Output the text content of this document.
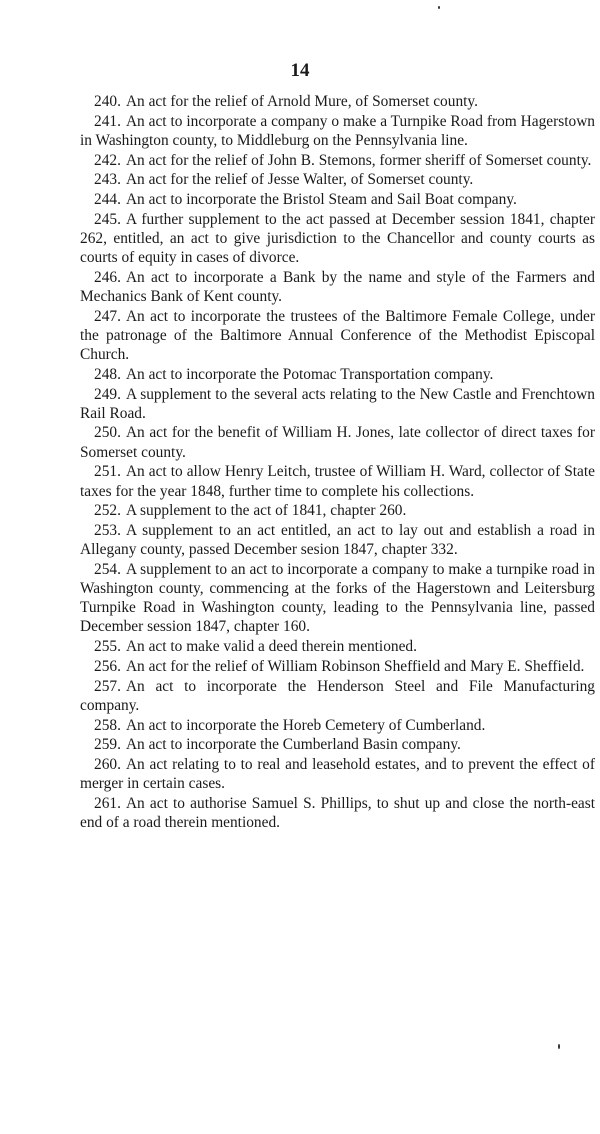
14

240. An act for the relief of Arnold Mure, of Somerset county.

241. An act to incorporate a company o make a Turnpike Road from Hagerstown in Washington county, to Middleburg on the Pennsylvania line.

242. An act for the relief of John B. Stemons, former sheriff of Somerset county.

243. An act for the relief of Jesse Walter, of Somerset county.

244. An act to incorporate the Bristol Steam and Sail Boat company.

245. A further supplement to the act passed at December session 1841, chapter 262, entitled, an act to give jurisdiction to the Chancellor and county courts as courts of equity in cases of divorce.

246. An act to incorporate a Bank by the name and style of the Farmers and Mechanics Bank of Kent county.

247. An act to incorporate the trustees of the Baltimore Female College, under the patronage of the Baltimore Annual Conference of the Methodist Episcopal Church.

248. An act to incorporate the Potomac Transportation company.

249. A supplement to the several acts relating to the New Castle and Frenchtown Rail Road.

250. An act for the benefit of William H. Jones, late collector of direct taxes for Somerset county.

251. An act to allow Henry Leitch, trustee of William H. Ward, collector of State taxes for the year 1848, further time to complete his collections.

252. A supplement to the act of 1841, chapter 260.

253. A supplement to an act entitled, an act to lay out and establish a road in Allegany county, passed December sesion 1847, chapter 332.

254. A supplement to an act to incorporate a company to make a turnpike road in Washington county, commencing at the forks of the Hagerstown and Leitersburg Turnpike Road in Washington county, leading to the Pennsylvania line, passed December session 1847, chapter 160.

255. An act to make valid a deed therein mentioned.

256. An act for the relief of William Robinson Sheffield and Mary E. Sheffield.

257. An act to incorporate the Henderson Steel and File Manufacturing company.

258. An act to incorporate the Horeb Cemetery of Cumberland.

259. An act to incorporate the Cumberland Basin company.

260. An act relating to to real and leasehold estates, and to prevent the effect of merger in certain cases.

261. An act to authorise Samuel S. Phillips, to shut up and close the north-east end of a road therein mentioned.
